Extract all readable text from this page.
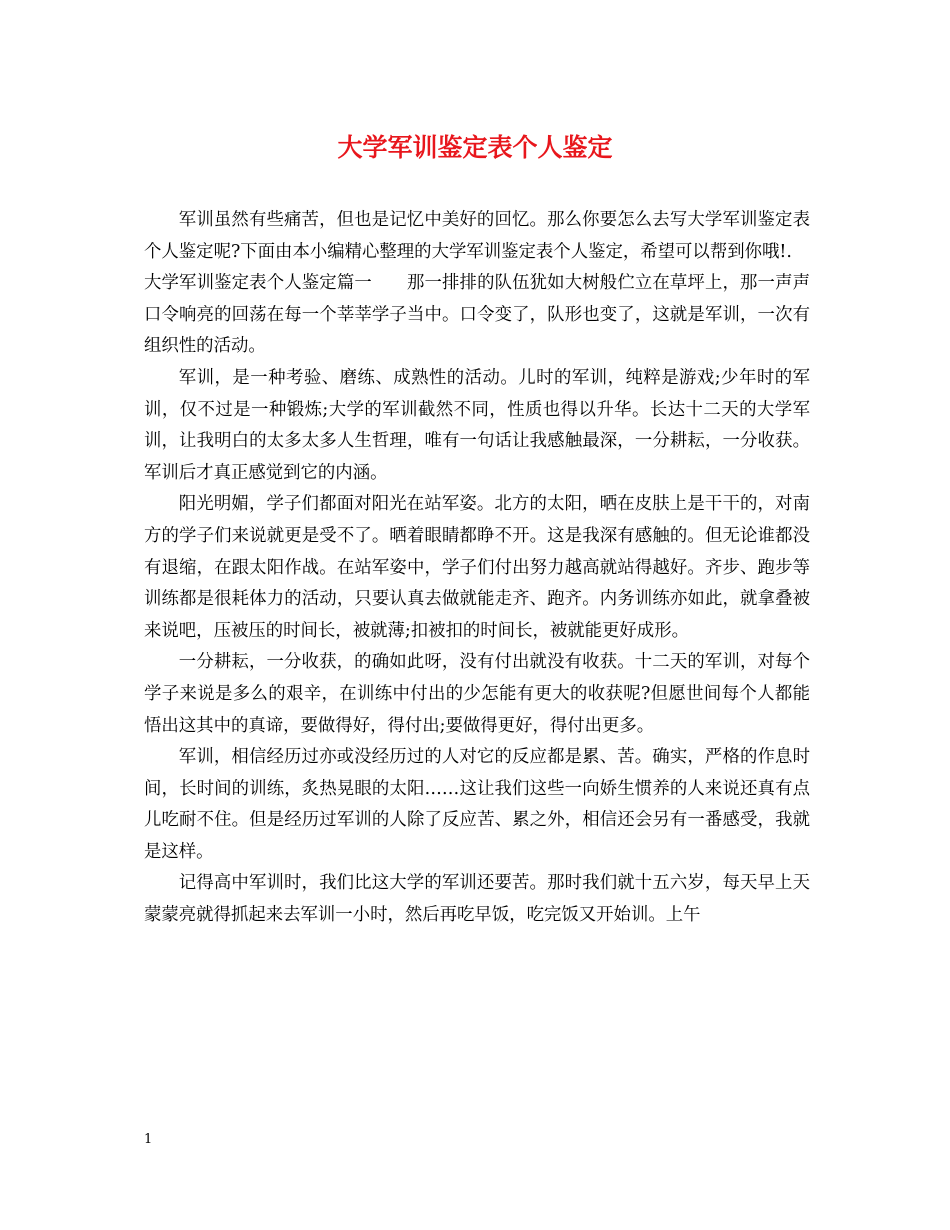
大学军训鉴定表个人鉴定

军训虽然有些痛苦，但也是记忆中美好的回忆。那么你要怎么去写大学军训鉴定表个人鉴定呢?下面由本小编精心整理的大学军训鉴定表个人鉴定，希望可以帮到你哦!.

大学军训鉴定表个人鉴定篇一　　那一排排的队伍犹如大树般伫立在草坪上，那一声声口令响亮的回荡在每一个莘莘学子当中。口令变了，队形也变了，这就是军训，一次有组织性的活动。

军训，是一种考验、磨练、成熟性的活动。儿时的军训，纯粹是游戏;少年时的军训，仅不过是一种锻炼;大学的军训截然不同，性质也得以升华。长达十二天的大学军训，让我明白的太多太多人生哲理，唯有一句话让我感触最深，一分耕耘，一分收获。军训后才真正感觉到它的内涵。

阳光明媚，学子们都面对阳光在站军姿。北方的太阳，晒在皮肤上是干干的，对南方的学子们来说就更是受不了。晒着眼睛都睁不开。这是我深有感触的。但无论谁都没有退缩，在跟太阳作战。在站军姿中，学子们付出努力越高就站得越好。齐步、跑步等训练都是很耗体力的活动，只要认真去做就能走齐、跑齐。内务训练亦如此，就拿叠被来说吧，压被压的时间长，被就薄;扣被扣的时间长，被就能更好成形。

一分耕耘，一分收获，的确如此呀，没有付出就没有收获。十二天的军训，对每个学子来说是多么的艰辛，在训练中付出的少怎能有更大的收获呢?但愿世间每个人都能悟出这其中的真谛，要做得好，得付出;要做得更好，得付出更多。

军训，相信经历过亦或没经历过的人对它的反应都是累、苦。确实，严格的作息时间，长时间的训练，炙热晃眼的太阳……这让我们这些一向娇生惯养的人来说还真有点儿吃耐不住。但是经历过军训的人除了反应苦、累之外，相信还会另有一番感受，我就是这样。

记得高中军训时，我们比这大学的军训还要苦。那时我们就十五六岁，每天早上天蒙蒙亮就得抓起来去军训一小时，然后再吃早饭，吃完饭又开始训。上午

1
